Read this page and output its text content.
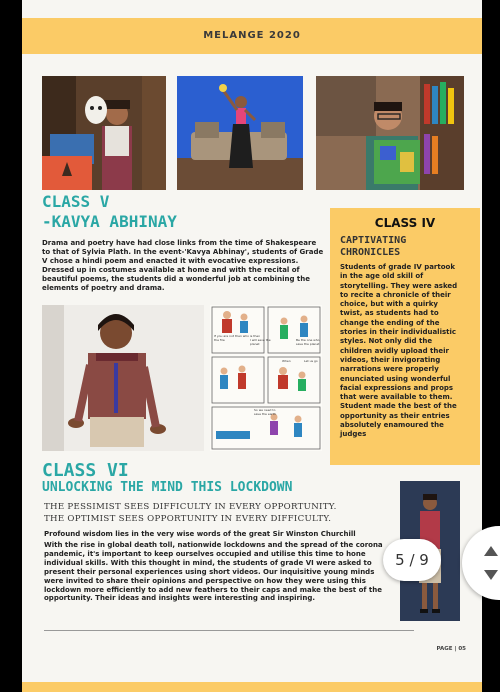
MELANGE 2020
CLASS V
-KAVYA ABHINAY
Drama and poetry have had close links from the time of Shakespeare to that of Sylvia Plath. In the event-'Kavya Abhinay', students of Grade V chose a hindi poem and enacted it with evocative expressions. Dressed up in costumes available at home and with the recital of beautiful poems, the students did a wonderful job at combining the elements of poetry and drama.
CLASS IV
CAPTIVATING
CHRONICLES
Students of grade IV partook in the age old skill of storytelling. They were asked to recite a chronicle of their choice, but with a quirky twist, as students had to change the ending of the stories in their individualistic styles. Not only did the children avidly upload their videos, their invigorating narrations were properly enunciated using wonderful facial expressions and props that were available to them. Student made the best of the opportunity as their entries absolutely enamoured the judges
If you are not then who is then the fire	I will save the planet
Be the one who save the planet
When	Let us go
So we need to save the earth
CLASS VI
UNLOCKING THE MIND THIS LOCKDOWN
THE PESSIMIST SEES DIFFICULTY IN EVERY OPPORTUNITY.
THE OPTIMIST SEES OPPORTUNITY IN EVERY DIFFICULTY.
Profound wisdom lies in the very wise words of the great Sir Winston Churchill
With the rise in global death toll, nationwide lockdowns and the spread of the corona pandemic, it's important to keep ourselves occupied and utilise this time to hone individual skills. With this thought in mind, the students of grade VI were asked to present their personal experiences using short videos. Our inquisitive young minds were invited to share their opinions and perspective on how they were using this lockdown more efficiently to add new feathers to their caps and make the best of the opportunity. Their ideas and insights were interesting and inspiring.
PAGE | 05
5 / 9
